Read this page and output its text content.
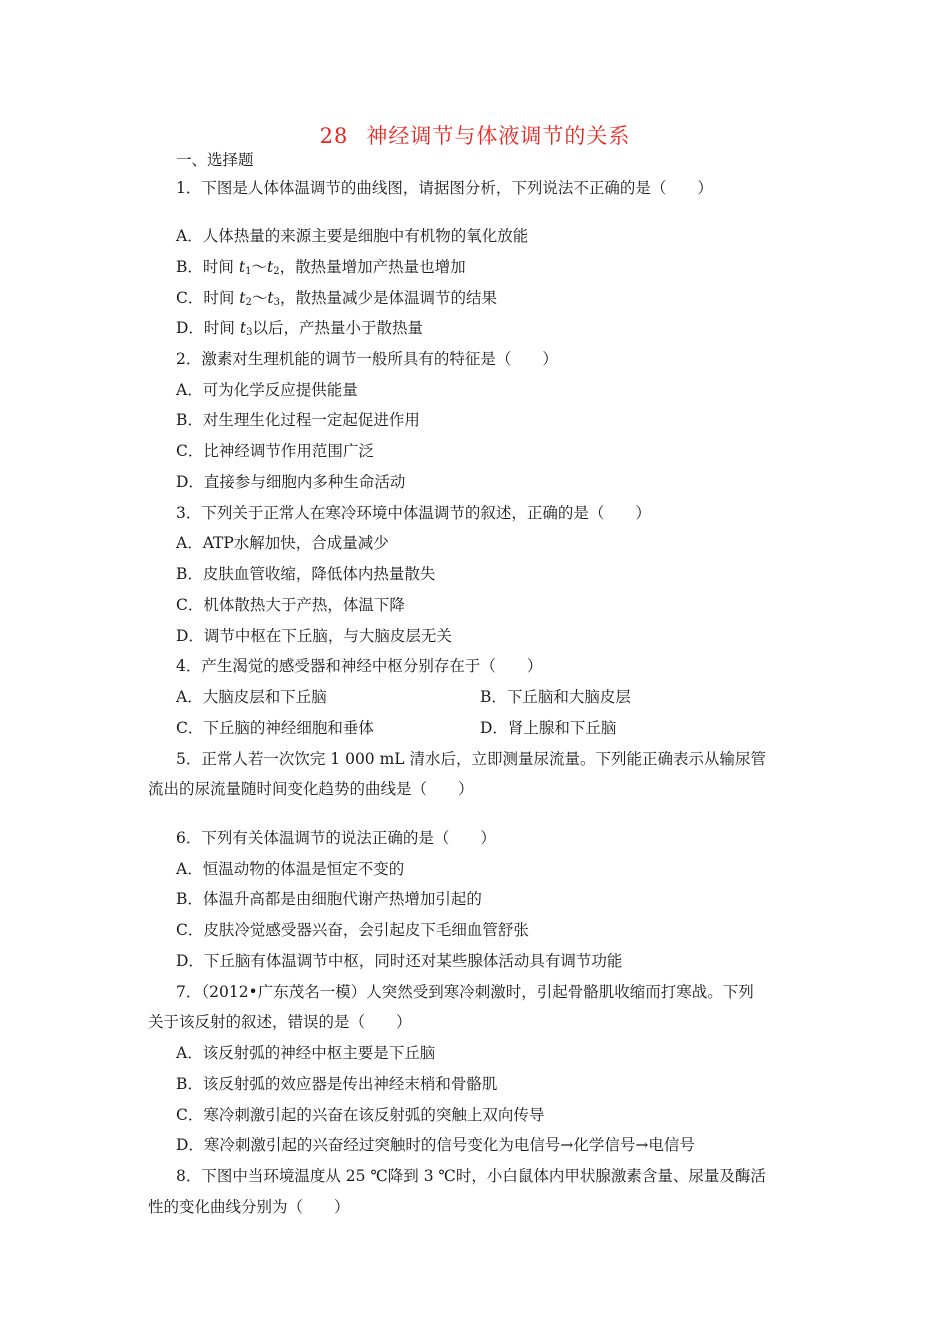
28 神经调节与体液调节的关系
一、选择题
1．下图是人体体温调节的曲线图，请据图分析，下列说法不正确的是（　　）
A．人体热量的来源主要是细胞中有机物的氧化放能
B．时间 $t_1\sim t_2$，散热量增加产热量也增加
C．时间 $t_2\sim t_3$，散热量减少是体温调节的结果
D．时间 $t_3$以后，产热量小于散热量
2．激素对生理机能的调节一般所具有的特征是（　　）
A．可为化学反应提供能量
B．对生理生化过程一定起促进作用
C．比神经调节作用范围广泛
D．直接参与细胞内多种生命活动
3．下列关于正常人在寒冷环境中体温调节的叙述，正确的是（　　）
A．ATP水解加快，合成量减少
B．皮肤血管收缩，降低体内热量散失
C．机体散热大于产热，体温下降
D．调节中枢在下丘脑，与大脑皮层无关
4．产生渴觉的感受器和神经中枢分别存在于（　　）
A．大脑皮层和下丘脑	B．下丘脑和大脑皮层
C．下丘脑的神经细胞和垂体	D．肾上腺和下丘脑
5．正常人若一次饮完 1 000 mL 清水后，立即测量尿流量。下列能正确表示从输尿管
流出的尿流量随时间变化趋势的曲线是（　　）
6．下列有关体温调节的说法正确的是（　　）
A．恒温动物的体温是恒定不变的
B．体温升高都是由细胞代谢产热增加引起的
C．皮肤冷觉感受器兴奋，会引起皮下毛细血管舒张
D．下丘脑有体温调节中枢，同时还对某些腺体活动具有调节功能
7．（2012•广东茂名一模）人突然受到寒冷刺激时，引起骨骼肌收缩而打寒战。下列
关于该反射的叙述，错误的是（　　）
A．该反射弧的神经中枢主要是下丘脑
B．该反射弧的效应器是传出神经末梢和骨骼肌
C．寒冷刺激引起的兴奋在该反射弧的突触上双向传导
D．寒冷刺激引起的兴奋经过突触时的信号变化为电信号→化学信号→电信号
8．下图中当环境温度从 25 ℃降到 3 ℃时，小白鼠体内甲状腺激素含量、尿量及酶活
性的变化曲线分别为（　　）
